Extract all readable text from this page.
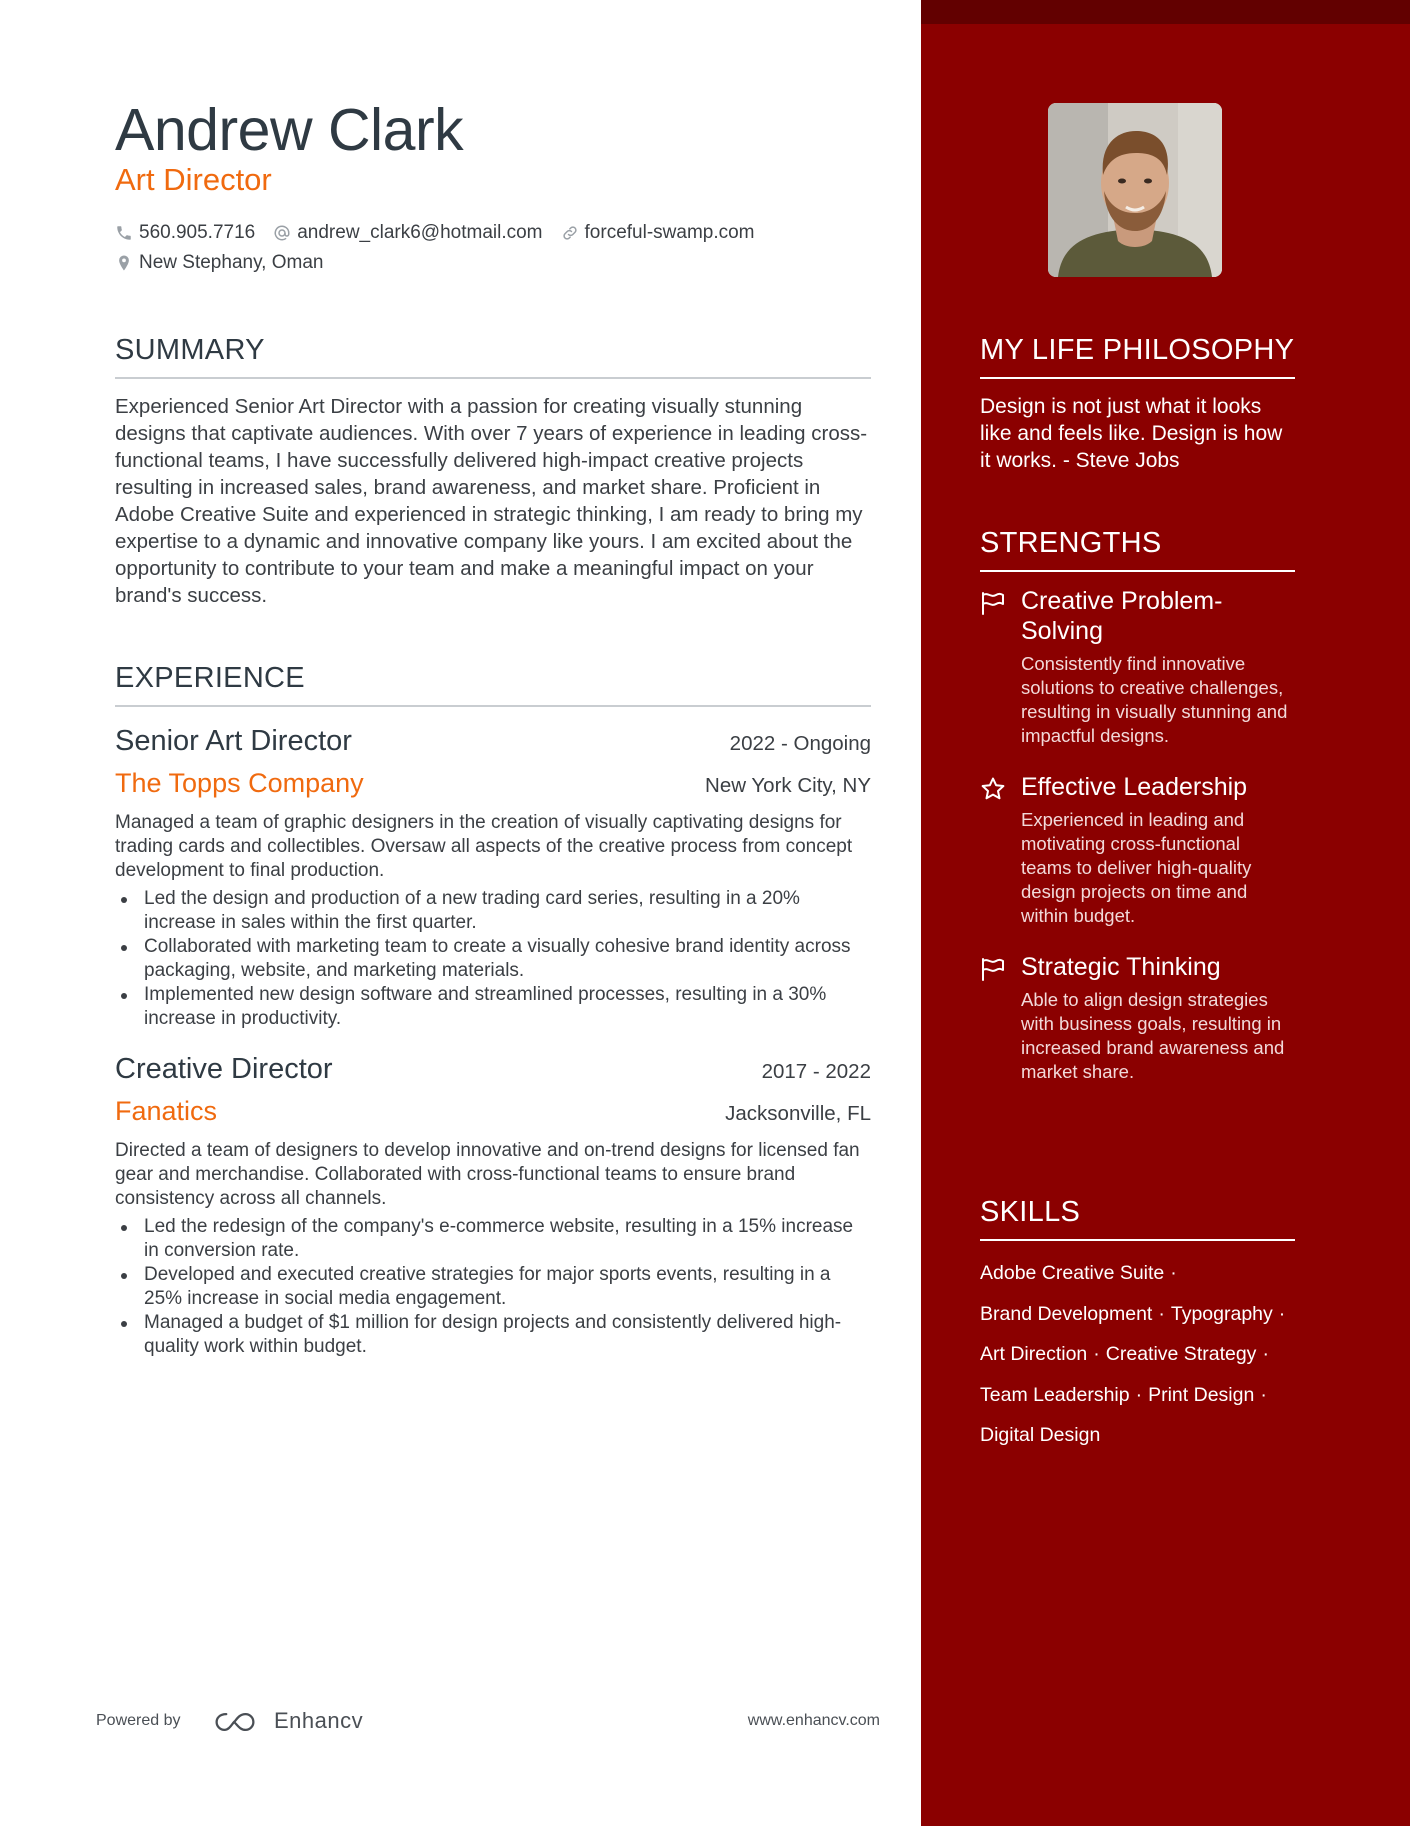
Andrew Clark
Art Director
560.905.7716 andrew_clark6@hotmail.com forceful-swamp.com
New Stephany, Oman
SUMMARY

Experienced Senior Art Director with a passion for creating visually stunning designs that captivate audiences. With over 7 years of experience in leading cross-functional teams, I have successfully delivered high-impact creative projects resulting in increased sales, brand awareness, and market share. Proficient in Adobe Creative Suite and experienced in strategic thinking, I am ready to bring my expertise to a dynamic and innovative company like yours. I am excited about the opportunity to contribute to your team and make a meaningful impact on your brand's success.

EXPERIENCE
Senior Art Director	2022 - Ongoing
The Topps Company	New York City, NY

Managed a team of graphic designers in the creation of visually captivating designs for trading cards and collectibles. Oversaw all aspects of the creative process from concept development to final production.

Led the design and production of a new trading card series, resulting in a 20% increase in sales within the first quarter.
Collaborated with marketing team to create a visually cohesive brand identity across packaging, website, and marketing materials.
Implemented new design software and streamlined processes, resulting in a 30% increase in productivity.
Creative Director	2017 - 2022
Fanatics	Jacksonville, FL

Directed a team of designers to develop innovative and on-trend designs for licensed fan gear and merchandise. Collaborated with cross-functional teams to ensure brand consistency across all channels.

Led the redesign of the company's e-commerce website, resulting in a 15% increase in conversion rate.
Developed and executed creative strategies for major sports events, resulting in a 25% increase in social media engagement.
Managed a budget of $1 million for design projects and consistently delivered high-quality work within budget.
Powered by	Enhancv	www.enhancv.com
MY LIFE PHILOSOPHY

Design is not just what it looks like and feels like. Design is how it works. - Steve Jobs

STRENGTHS
Creative Problem-Solving
Consistently find innovative solutions to creative challenges, resulting in visually stunning and impactful designs.
Effective Leadership
Experienced in leading and motivating cross-functional teams to deliver high-quality design projects on time and within budget.
Strategic Thinking
Able to align design strategies with business goals, resulting in increased brand awareness and market share.
SKILLS
Adobe Creative Suite ·
Brand Development · Typography ·
Art Direction · Creative Strategy ·
Team Leadership · Print Design ·
Digital Design
